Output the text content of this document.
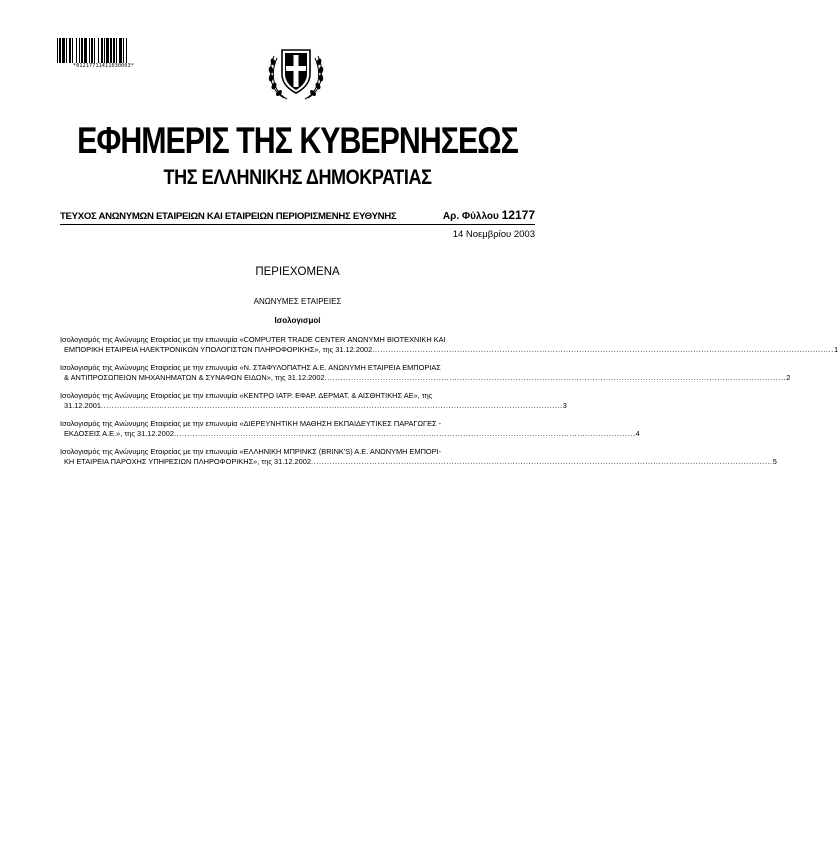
*01217711411030003*
ΕΦΗΜΕΡΙΣ ΤΗΣ ΚΥΒΕΡΝΗΣΕΩΣ
ΤΗΣ ΕΛΛΗΝΙΚΗΣ ΔΗΜΟΚΡΑΤΙΑΣ
ΤΕΥΧΟΣ ΑΝΩΝΥΜΩΝ ΕΤΑΙΡΕΙΩΝ ΚΑΙ ΕΤΑΙΡΕΙΩΝ ΠΕΡΙΟΡΙΣΜΕΝΗΣ ΕΥΘΥΝΗΣ	Αρ. Φύλλου 12177
14 Νοεμβρίου 2003
ΠΕΡΙΕΧΟΜΕΝΑ
ΑΝΩΝΥΜΕΣ ΕΤΑΙΡΕΙΕΣ
Ισολογισμοί
Ισολογισμός της Ανώνυμης Εταιρείας με την επωνυμία «COMPUTER TRADE CENTER ΑΝΩΝΥΜΗ ΒΙΟΤΕΧΝΙΚΗ ΚΑΙ
ΕΜΠΟΡΙΚΗ ΕΤΑΙΡΕΙΑ ΗΛΕΚΤΡΟΝΙΚΩΝ ΥΠΟΛΟΓΙΣΤΩΝ ΠΛΗΡΟΦΟΡΙΚΗΣ», της 31.12.2002 .............................................................................................................................................................................. 1
Ισολογισμός της Ανώνυμης Εταιρείας με την επωνυμία «Ν. ΣΤΑΦΥΛΟΠΑΤΗΣ Α.Ε. ΑΝΩΝΥΜΗ ΕΤΑΙΡΕΙΑ ΕΜΠΟΡΙΑΣ
& ΑΝΤΙΠΡΟΣΩΠΕΙΩΝ ΜΗΧΑΝΗΜΑΤΩΝ & ΣΥΝΑΦΩΝ ΕΙΔΩΝ», της 31.12.2002 .............................................................................................................................................................................. 2
Ισολογισμός της Ανώνυμης Εταιρείας με την επωνυμία «ΚΕΝΤΡΟ ΙΑΤΡ. ΕΦΑΡ. ΔΕΡΜΑΤ. & ΑΙΣΘΗΤΙΚΗΣ ΑΕ», της
31.12.2001 .............................................................................................................................................................................. 3
Ισολογισμός της Ανώνυμης Εταιρείας με την επωνυμία «ΔΙΕΡΕΥΝΗΤΙΚΗ ΜΑΘΗΣΗ ΕΚΠΑΙΔΕΥΤΙΚΕΣ ΠΑΡΑΓΩΓΕΣ -
ΕΚΔΟΣΕΙΣ Α.Ε.», της 31.12.2002 .............................................................................................................................................................................. 4
Ισολογισμός της Ανώνυμης Εταιρείας με την επωνυμία «ΕΛΛΗΝΙΚΗ ΜΠΡΙΝΚΣ (BRINK'S) Α.Ε. ΑΝΩΝΥΜΗ ΕΜΠΟΡΙ-
ΚΗ ΕΤΑΙΡΕΙΑ ΠΑΡΟΧΗΣ ΥΠΗΡΕΣΙΩΝ ΠΛΗΡΟΦΟΡΙΚΗΣ», της 31.12.2002 .............................................................................................................................................................................. 5
